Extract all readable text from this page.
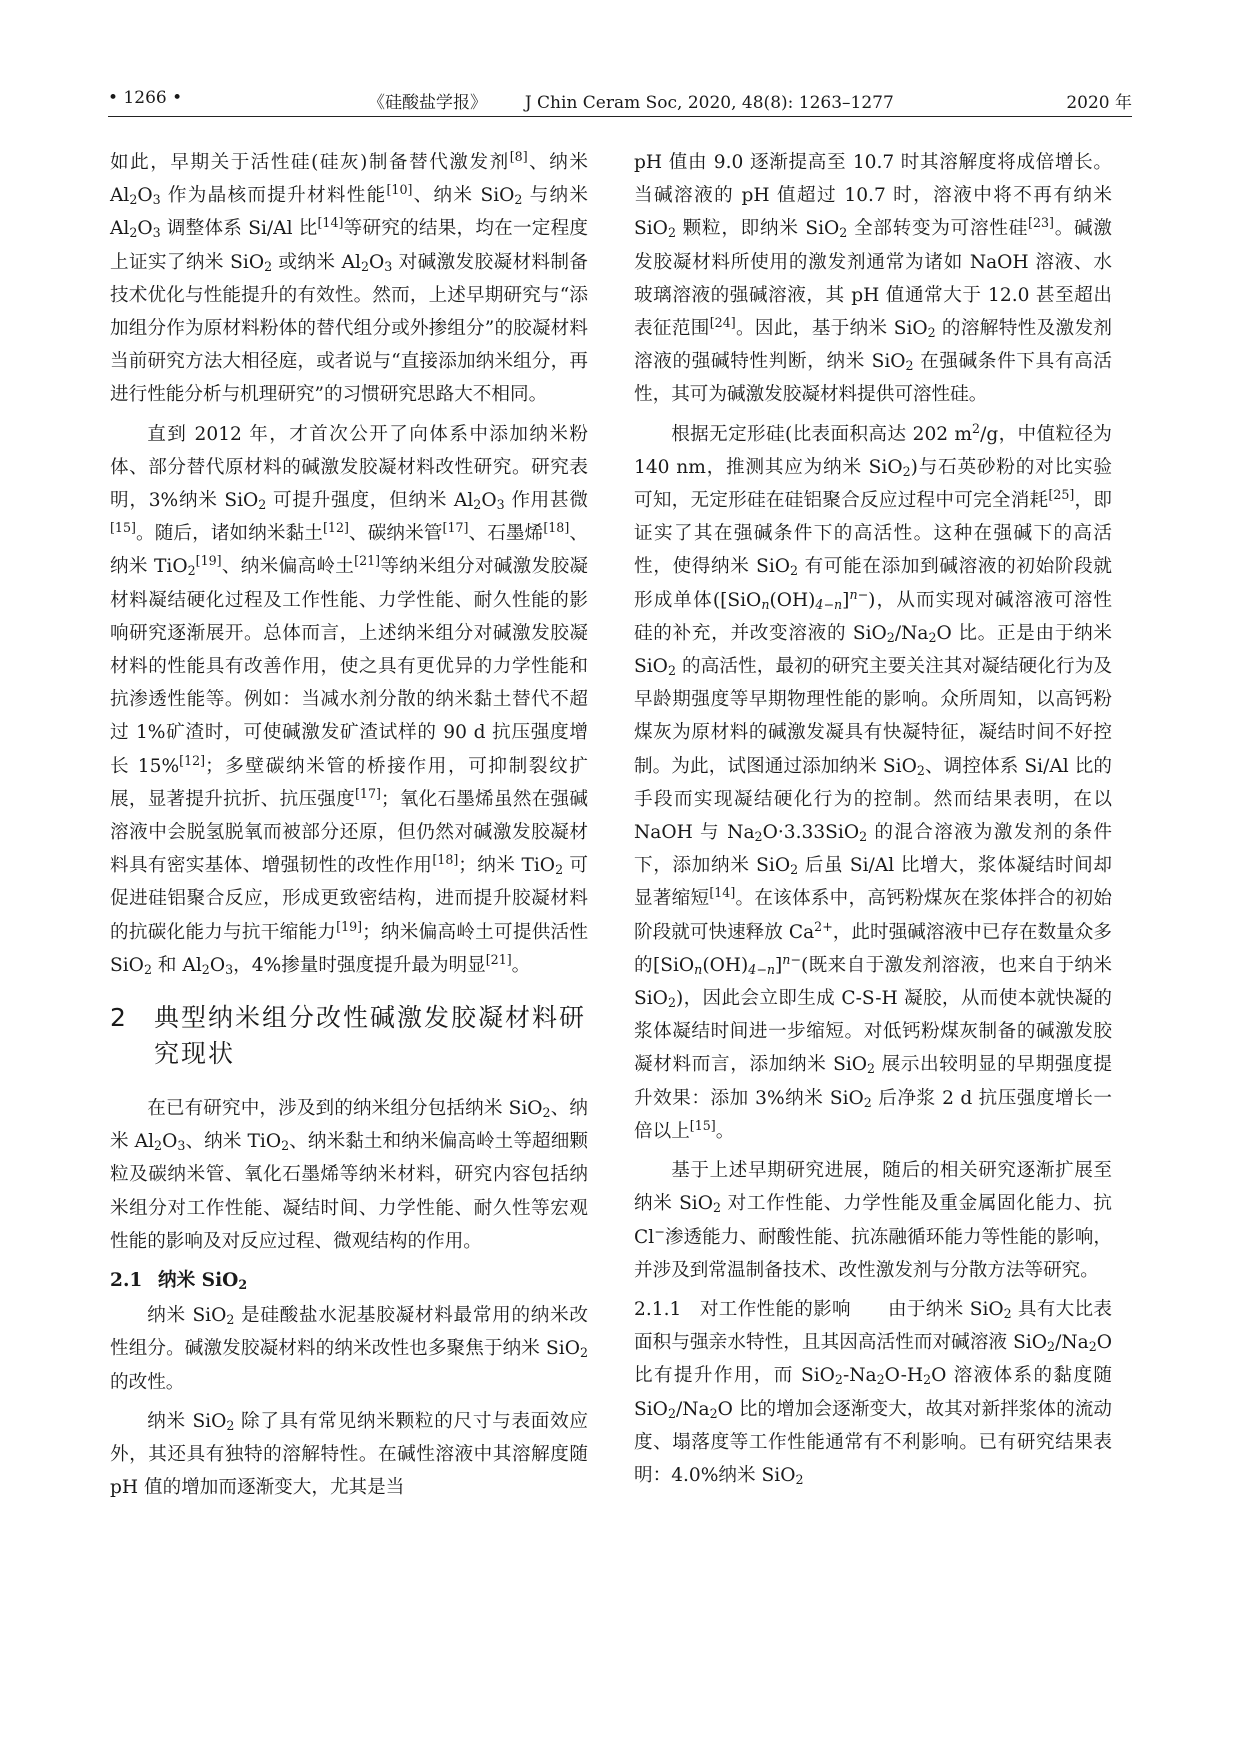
• 1266 •	《硅酸盐学报》       J Chin Ceram Soc, 2020, 48(8): 1263–1277	2020 年

如此，早期关于活性硅(硅灰)制备替代激发剂[8]、纳米 $Al_2O_3$ 作为晶核而提升材料性能[10]、纳米 SiO$_2$ 与纳米 $Al_2O_3$ 调整体系 Si/Al 比[14]等研究的结果，均在一定程度上证实了纳米 SiO$_2$ 或纳米 $Al_2O_3$ 对碱激发胶凝材料制备技术优化与性能提升的有效性。然而，上述早期研究与“添加组分作为原材料粉体的替代组分或外掺组分”的胶凝材料当前研究方法大相径庭，或者说与“直接添加纳米组分，再进行性能分析与机理研究”的习惯研究思路大不相同。

直到 2012 年，才首次公开了向体系中添加纳米粉体、部分替代原材料的碱激发胶凝材料改性研究。研究表明，3%纳米 SiO$_2$ 可提升强度，但纳米 $Al_2O_3$ 作用甚微[15]。随后，诸如纳米黏土[12]、碳纳米管[17]、石墨烯[18]、纳米 TiO$_2$[19]、纳米偏高岭土[21]等纳米组分对碱激发胶凝材料凝结硬化过程及工作性能、力学性能、耐久性能的影响研究逐渐展开。总体而言，上述纳米组分对碱激发胶凝材料的性能具有改善作用，使之具有更优异的力学性能和抗渗透性能等。例如：当减水剂分散的纳米黏土替代不超过 1%矿渣时，可使碱激发矿渣试样的 90 d 抗压强度增长 15%[12]；多壁碳纳米管的桥接作用，可抑制裂纹扩展，显著提升抗折、抗压强度[17]；氧化石墨烯虽然在强碱溶液中会脱氢脱氧而被部分还原，但仍然对碱激发胶凝材料具有密实基体、增强韧性的改性作用[18]；纳米 TiO$_2$ 可促进硅铝聚合反应，形成更致密结构，进而提升胶凝材料的抗碳化能力与抗干缩能力[19]；纳米偏高岭土可提供活性 SiO$_2$ 和 $Al_2O_3$，4%掺量时强度提升最为明显[21]。

2	典型纳米组分改性碱激发胶凝材料研究现状

在已有研究中，涉及到的纳米组分包括纳米 SiO$_2$、纳米 $Al_2O_3$、纳米 TiO$_2$、纳米黏土和纳米偏高岭土等超细颗粒及碳纳米管、氧化石墨烯等纳米材料，研究内容包括纳米组分对工作性能、凝结时间、力学性能、耐久性等宏观性能的影响及对反应过程、微观结构的作用。

2.1 纳米 SiO$_2$

纳米 SiO$_2$ 是硅酸盐水泥基胶凝材料最常用的纳米改性组分。碱激发胶凝材料的纳米改性也多聚焦于纳米 SiO$_2$ 的改性。

纳米 SiO$_2$ 除了具有常见纳米颗粒的尺寸与表面效应外，其还具有独特的溶解特性。在碱性溶液中其溶解度随 pH 值的增加而逐渐变大，尤其是当

pH 值由 9.0 逐渐提高至 10.7 时其溶解度将成倍增长。当碱溶液的 pH 值超过 10.7 时，溶液中将不再有纳米 SiO$_2$ 颗粒，即纳米 SiO$_2$ 全部转变为可溶性硅[23]。碱激发胶凝材料所使用的激发剂通常为诸如 NaOH 溶液、水玻璃溶液的强碱溶液，其 pH 值通常大于 12.0 甚至超出表征范围[24]。因此，基于纳米 SiO$_2$ 的溶解特性及激发剂溶液的强碱特性判断，纳米 SiO$_2$ 在强碱条件下具有高活性，其可为碱激发胶凝材料提供可溶性硅。

根据无定形硅(比表面积高达 202 $m^2/g$，中值粒径为 140 nm，推测其应为纳米 SiO$_2$)与石英砂粉的对比实验可知，无定形硅在硅铝聚合反应过程中可完全消耗[25]，即证实了其在强碱条件下的高活性。这种在强碱下的高活性，使得纳米 SiO$_2$ 有可能在添加到碱溶液的初始阶段就形成单体$([SiO_n(OH)_{4-n}]^{n-})$，从而实现对碱溶液可溶性硅的补充，并改变溶液的 $SiO_2/Na_2O$ 比。正是由于纳米 SiO$_2$ 的高活性，最初的研究主要关注其对凝结硬化行为及早龄期强度等早期物理性能的影响。众所周知，以高钙粉煤灰为原材料的碱激发凝具有快凝特征，凝结时间不好控制。为此，试图通过添加纳米 SiO$_2$、调控体系 Si/Al 比的手段而实现凝结硬化行为的控制。然而结果表明，在以 NaOH 与 $Na_2O\cdot 3.33SiO_2$ 的混合溶液为激发剂的条件下，添加纳米 SiO$_2$ 后虽 Si/Al 比增大，浆体凝结时间却显著缩短[14]。在该体系中，高钙粉煤灰在浆体拌合的初始阶段就可快速释放 $Ca^{2+}$，此时强碱溶液中已存在数量众多的$[SiO_n(OH)_{4-n}]^{n-}$(既来自于激发剂溶液，也来自于纳米 SiO$_2$)，因此会立即生成 C-S-H 凝胶，从而使本就快凝的浆体凝结时间进一步缩短。对低钙粉煤灰制备的碱激发胶凝材料而言，添加纳米 SiO$_2$ 展示出较明显的早期强度提升效果：添加 3%纳米 SiO$_2$ 后净浆 2 d 抗压强度增长一倍以上[15]。

基于上述早期研究进展，随后的相关研究逐渐扩展至纳米 SiO$_2$ 对工作性能、力学性能及重金属固化能力、抗 Cl−渗透能力、耐酸性能、抗冻融循环能力等性能的影响，并涉及到常温制备技术、改性激发剂与分散方法等研究。

2.1.1 对工作性能的影响 由于纳米 SiO$_2$ 具有大比表面积与强亲水特性，且其因高活性而对碱溶液 $SiO_2/Na_2O$ 比有提升作用，而 $SiO_2-Na_2O-H_2O$ 溶液体系的黏度随 $SiO_2/Na_2O$ 比的增加会逐渐变大，故其对新拌浆体的流动度、塌落度等工作性能通常有不利影响。已有研究结果表明：4.0%纳米 SiO$_2$
